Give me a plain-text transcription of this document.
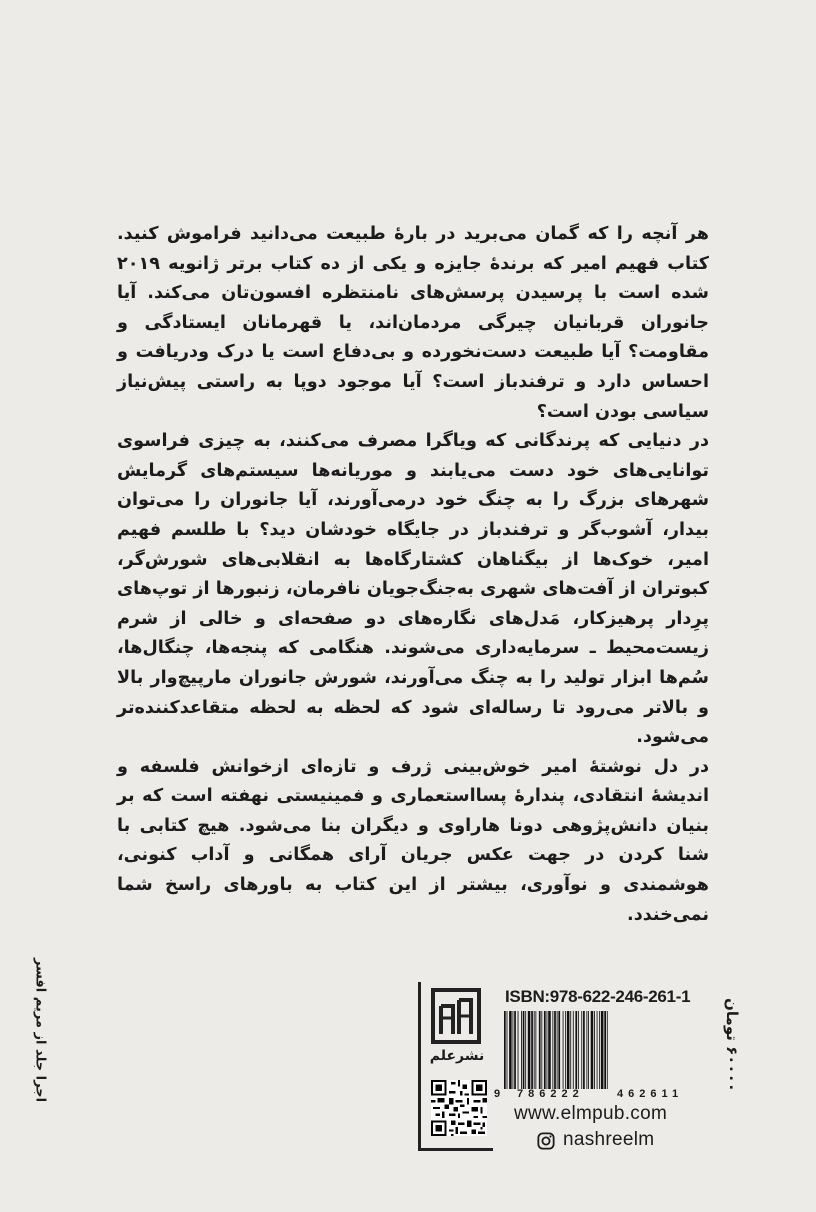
هر آنچه را که گمان می‌برید در بارهٔ طبیعت می‌دانید فراموش کنید. کتاب فهیم امیر که برندهٔ جایزه و یکی از ده کتاب برتر ژانویه ۲۰۱۹ شده است با پرسیدن پرسش‌های نامنتظره افسون‌تان می‌کند. آیا جانوران قربانیان چیرگی مردمان‌اند، یا قهرمانان ایستادگی و مقاومت؟ آیا طبیعت دست‌نخورده و بی‌دفاع است یا درک ودریافت و احساس دارد و ترفندباز است؟ آیا موجود دوپا به راستی پیش‌نیاز سیاسی بودن است؟

در دنیایی که پرندگانی که ویاگرا مصرف می‌کنند، به چیزی فراسوی توانایی‌های خود دست می‌یابند و موریانه‌ها سیستم‌های گرمایش شهرهای بزرگ را به چنگ خود درمی‌آورند، آیا جانوران را می‌توان بیدار، آشوب‌گر و ترفندباز در جایگاه خودشان دید؟ با طلسم فهیم امیر، خوک‌ها از بیگناهان کشتارگاه‌ها به انقلابی‌های شورش‌گر، کبوتران از آفت‌های شهری به‌جنگ‌جویان نافرمان، زنبورها از توپ‌های پرِ‌دار پرهیزکار، مَدل‌های نگاره‌های دو صفحه‌ای و خالی از شرم زیست‌محیط ـ سرمایه‌داری می‌شوند. هنگامی که پنجه‌ها، چنگال‌ها، سُم‌ها ابزار تولید را به چنگ می‌آورند، شورش جانوران مارپیچ‌وار بالا و بالاتر می‌رود تا رساله‌ای شود که لحظه به لحظه متقاعدکننده‌تر می‌شود.

در دل نوشتهٔ امیر خوش‌بینی ژرف و تازه‌ای ازخوانش فلسفه و اندیشهٔ انتقادی، پندارهٔ پسااستعماری و فمینیستی نهفته است که بر بنیان دانش‌پژوهی دونا هاراوی و دیگران بنا می‌شود. هیچ کتابی با شنا کردن در جهت عکس جریان آرای همگانی و آداب کنونی، هوشمندی و نوآوری، بیشتر از این کتاب به باورهای راسخ شما نمی‌خندد.

اجرا جلد از مریم افسر	نشرعلم
ISBN:978-622-246-261-1
9 786222	462611
۶۰۰۰۰ تومان
www.elmpub.com
nashreelm
